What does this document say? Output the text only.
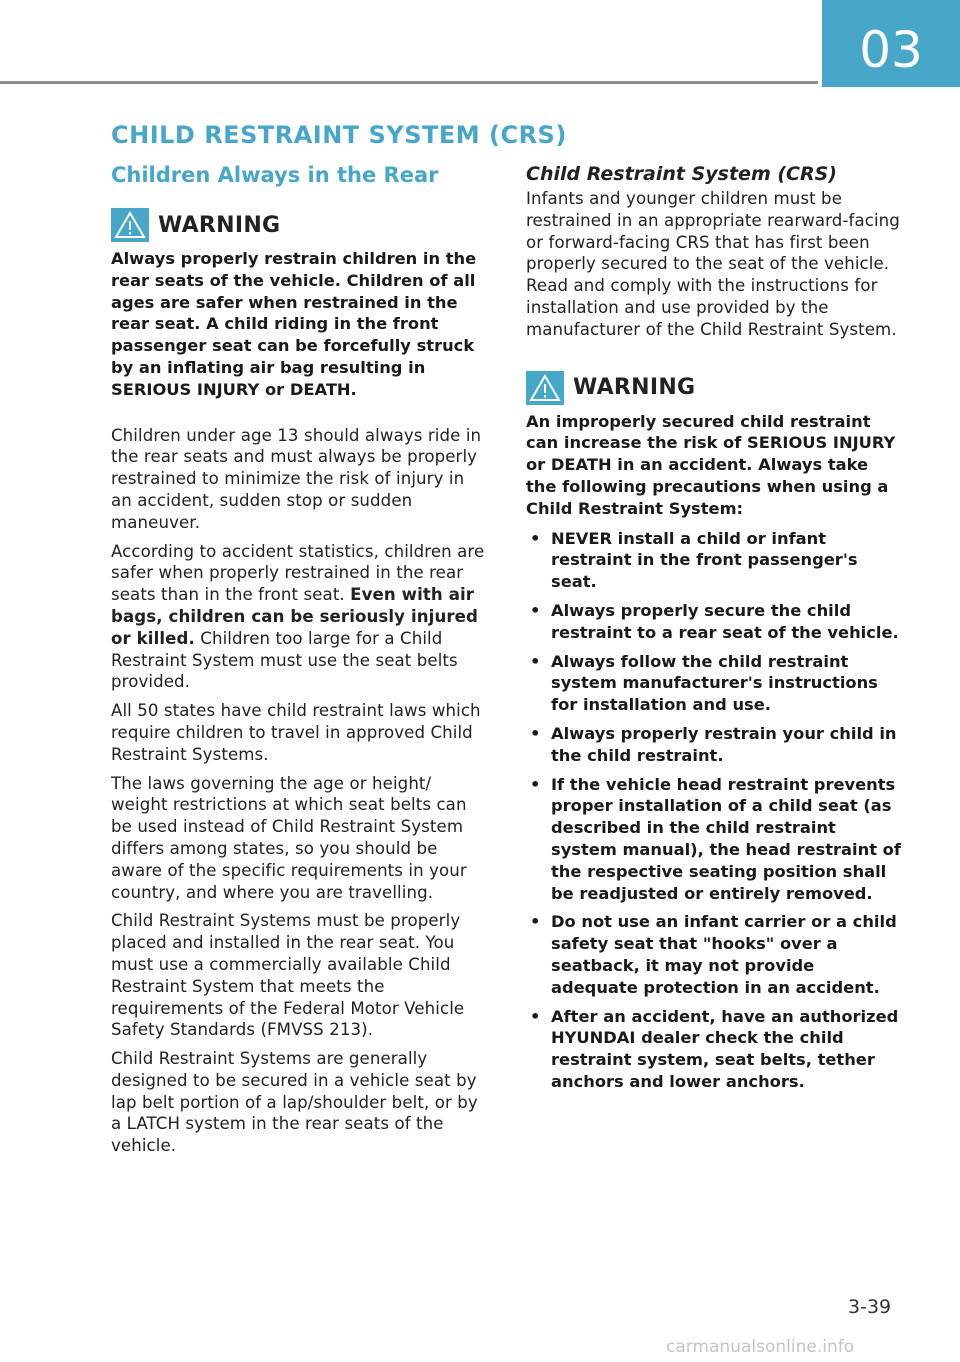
03
CHILD RESTRAINT SYSTEM (CRS)
Children Always in the Rear
WARNING

Always properly restrain children in the rear seats of the vehicle. Children of all ages are safer when restrained in the rear seat. A child riding in the front passenger seat can be forcefully struck by an inflating air bag resulting in SERIOUS INJURY or DEATH.

Children under age 13 should always ride in the rear seats and must always be properly restrained to minimize the risk of injury in an accident, sudden stop or sudden maneuver.

According to accident statistics, children are safer when properly restrained in the rear seats than in the front seat. Even with air bags, children can be seriously injured or killed. Children too large for a Child Restraint System must use the seat belts provided.

All 50 states have child restraint laws which require children to travel in approved Child Restraint Systems.

The laws governing the age or height/ weight restrictions at which seat belts can be used instead of Child Restraint System differs among states, so you should be aware of the specific requirements in your country, and where you are travelling.

Child Restraint Systems must be properly placed and installed in the rear seat. You must use a commercially available Child Restraint System that meets the requirements of the Federal Motor Vehicle Safety Standards (FMVSS 213).

Child Restraint Systems are generally designed to be secured in a vehicle seat by lap belt portion of a lap/shoulder belt, or by a LATCH system in the rear seats of the vehicle.

Child Restraint System (CRS)

Infants and younger children must be restrained in an appropriate rearward-facing or forward-facing CRS that has first been properly secured to the seat of the vehicle. Read and comply with the instructions for installation and use provided by the manufacturer of the Child Restraint System.

WARNING

An improperly secured child restraint can increase the risk of SERIOUS INJURY or DEATH in an accident. Always take the following precautions when using a Child Restraint System:

• NEVER install a child or infant restraint in the front passenger's seat.
• Always properly secure the child restraint to a rear seat of the vehicle.
• Always follow the child restraint system manufacturer's instructions for installation and use.
• Always properly restrain your child in the child restraint.
• If the vehicle head restraint prevents proper installation of a child seat (as described in the child restraint system manual), the head restraint of the respective seating position shall be readjusted or entirely removed.
• Do not use an infant carrier or a child safety seat that "hooks" over a seatback, it may not provide adequate protection in an accident.
• After an accident, have an authorized HYUNDAI dealer check the child restraint system, seat belts, tether anchors and lower anchors.
3-39
carmanualsonline.info
